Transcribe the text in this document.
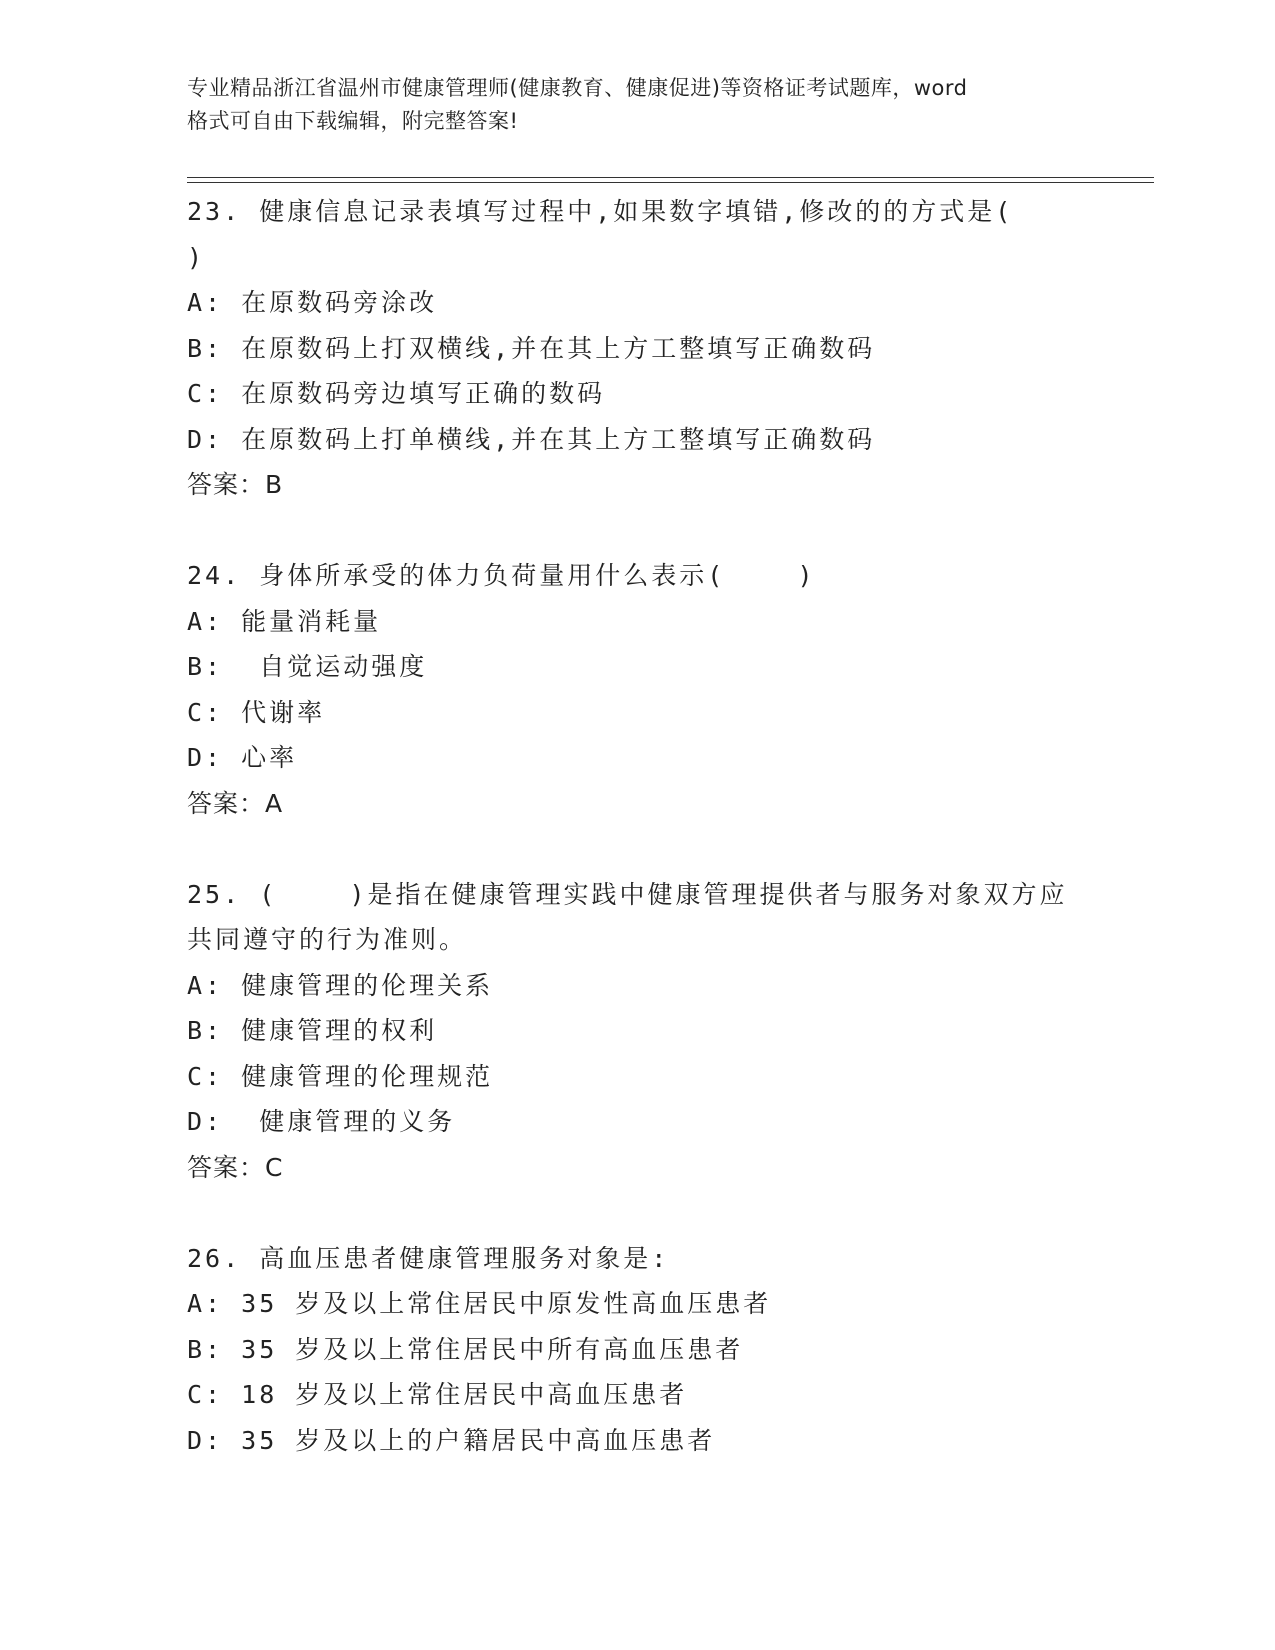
专业精品浙江省温州市健康管理师(健康教育、健康促进)等资格证考试题库，word
格式可自由下载编辑，附完整答案!
23. 健康信息记录表填写过程中,如果数字填错,修改的的方式是(
)
A: 在原数码旁涂改
B: 在原数码上打双横线,并在其上方工整填写正确数码
C: 在原数码旁边填写正确的数码
D: 在原数码上打单横线,并在其上方工整填写正确数码
答案：B
24. 身体所承受的体力负荷量用什么表示(    )
A: 能量消耗量
B:  自觉运动强度
C: 代谢率
D: 心率
答案：A
25. (    )是指在健康管理实践中健康管理提供者与服务对象双方应
共同遵守的行为准则。
A: 健康管理的伦理关系
B: 健康管理的权利
C: 健康管理的伦理规范
D:  健康管理的义务
答案：C
26. 高血压患者健康管理服务对象是:
A: 35 岁及以上常住居民中原发性高血压患者
B: 35 岁及以上常住居民中所有高血压患者
C: 18 岁及以上常住居民中高血压患者
D: 35 岁及以上的户籍居民中高血压患者
